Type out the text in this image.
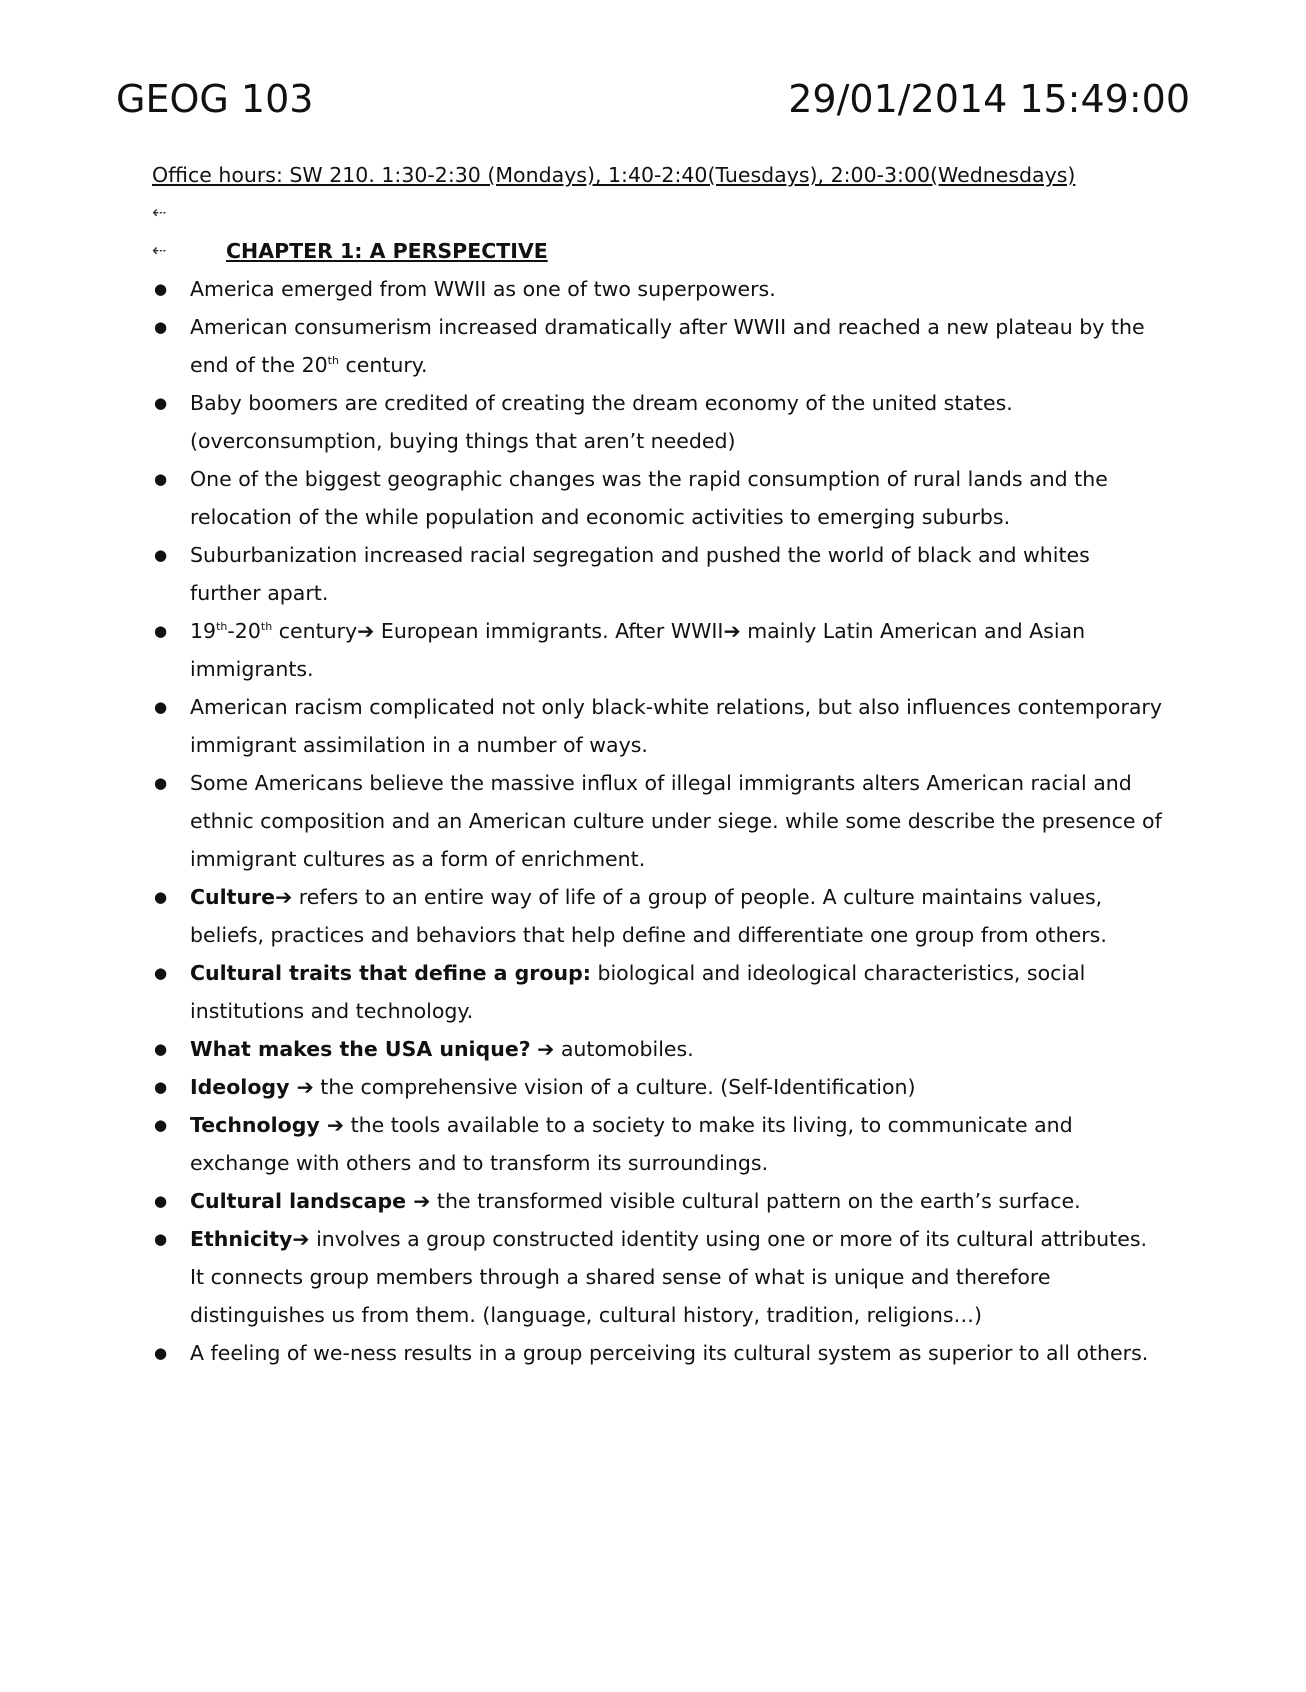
GEOG 103	29/01/2014 15:49:00

Office hours: SW 210. 1:30-2:30 (Mondays), 1:40-2:40(Tuesdays), 2:00-3:00(Wednesdays)

⇠
⇠	CHAPTER 1: A PERSPECTIVE
● America emerged from WWII as one of two superpowers.
● American consumerism increased dramatically after WWII and reached a new plateau by the end of the 20th century.
● Baby boomers are credited of creating the dream economy of the united states. (overconsumption, buying things that aren’t needed)
● One of the biggest geographic changes was the rapid consumption of rural lands and the relocation of the while population and economic activities to emerging suburbs.
● Suburbanization increased racial segregation and pushed the world of black and whites further apart.
● 19th-20th century➔ European immigrants. After WWII➔ mainly Latin American and Asian immigrants.
● American racism complicated not only black-white relations, but also influences contemporary immigrant assimilation in a number of ways.
● Some Americans believe the massive influx of illegal immigrants alters American racial and ethnic composition and an American culture under siege. while some describe the presence of immigrant cultures as a form of enrichment.
● Culture➔ refers to an entire way of life of a group of people. A culture maintains values, beliefs, practices and behaviors that help define and differentiate one group from others.
● Cultural traits that define a group: biological and ideological characteristics, social institutions and technology.
● What makes the USA unique? ➔ automobiles.
● Ideology ➔ the comprehensive vision of a culture. (Self-Identification)
● Technology ➔ the tools available to a society to make its living, to communicate and exchange with others and to transform its surroundings.
● Cultural landscape ➔ the transformed visible cultural pattern on the earth’s surface.
● Ethnicity➔ involves a group constructed identity using one or more of its cultural attributes. It connects group members through a shared sense of what is unique and therefore distinguishes us from them. (language, cultural history, tradition, religions…)
● A feeling of we-ness results in a group perceiving its cultural system as superior to all others.
